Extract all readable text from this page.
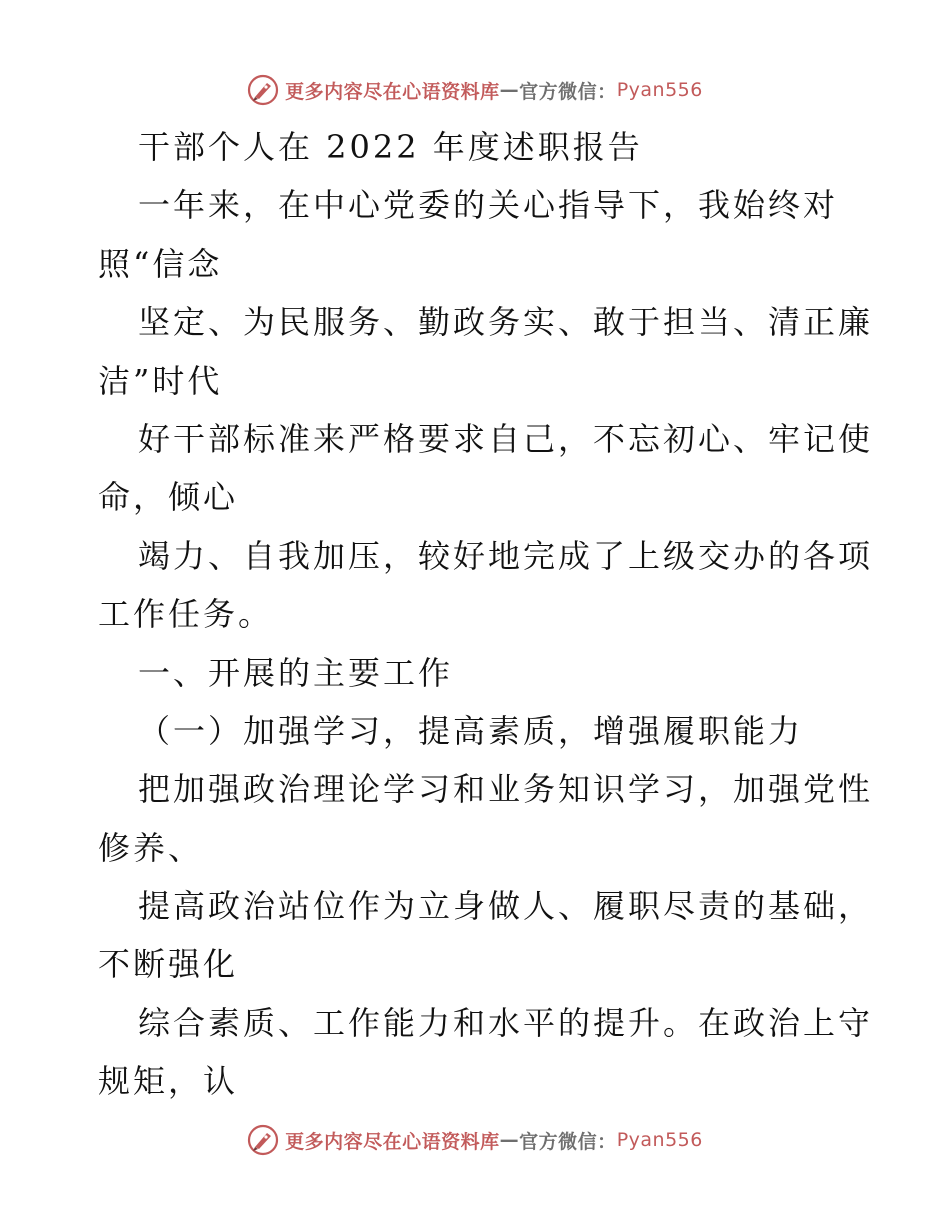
更多内容尽在心语资料库 — 官方微信： Pyan556
干部个人在 2022 年度述职报告
一年来，在中心党委的关心指导下，我始终对
照“信念
坚定、为民服务、勤政务实、敢于担当、清正廉
洁”时代
好干部标准来严格要求自己，不忘初心、牢记使
命，倾心
竭力、自我加压，较好地完成了上级交办的各项
工作任务。
一、开展的主要工作
（一）加强学习，提高素质，增强履职能力
把加强政治理论学习和业务知识学习，加强党性
修养、
提高政治站位作为立身做人、履职尽责的基础，
不断强化
综合素质、工作能力和水平的提升。在政治上守
规矩，认
更多内容尽在心语资料库 — 官方微信： Pyan556
